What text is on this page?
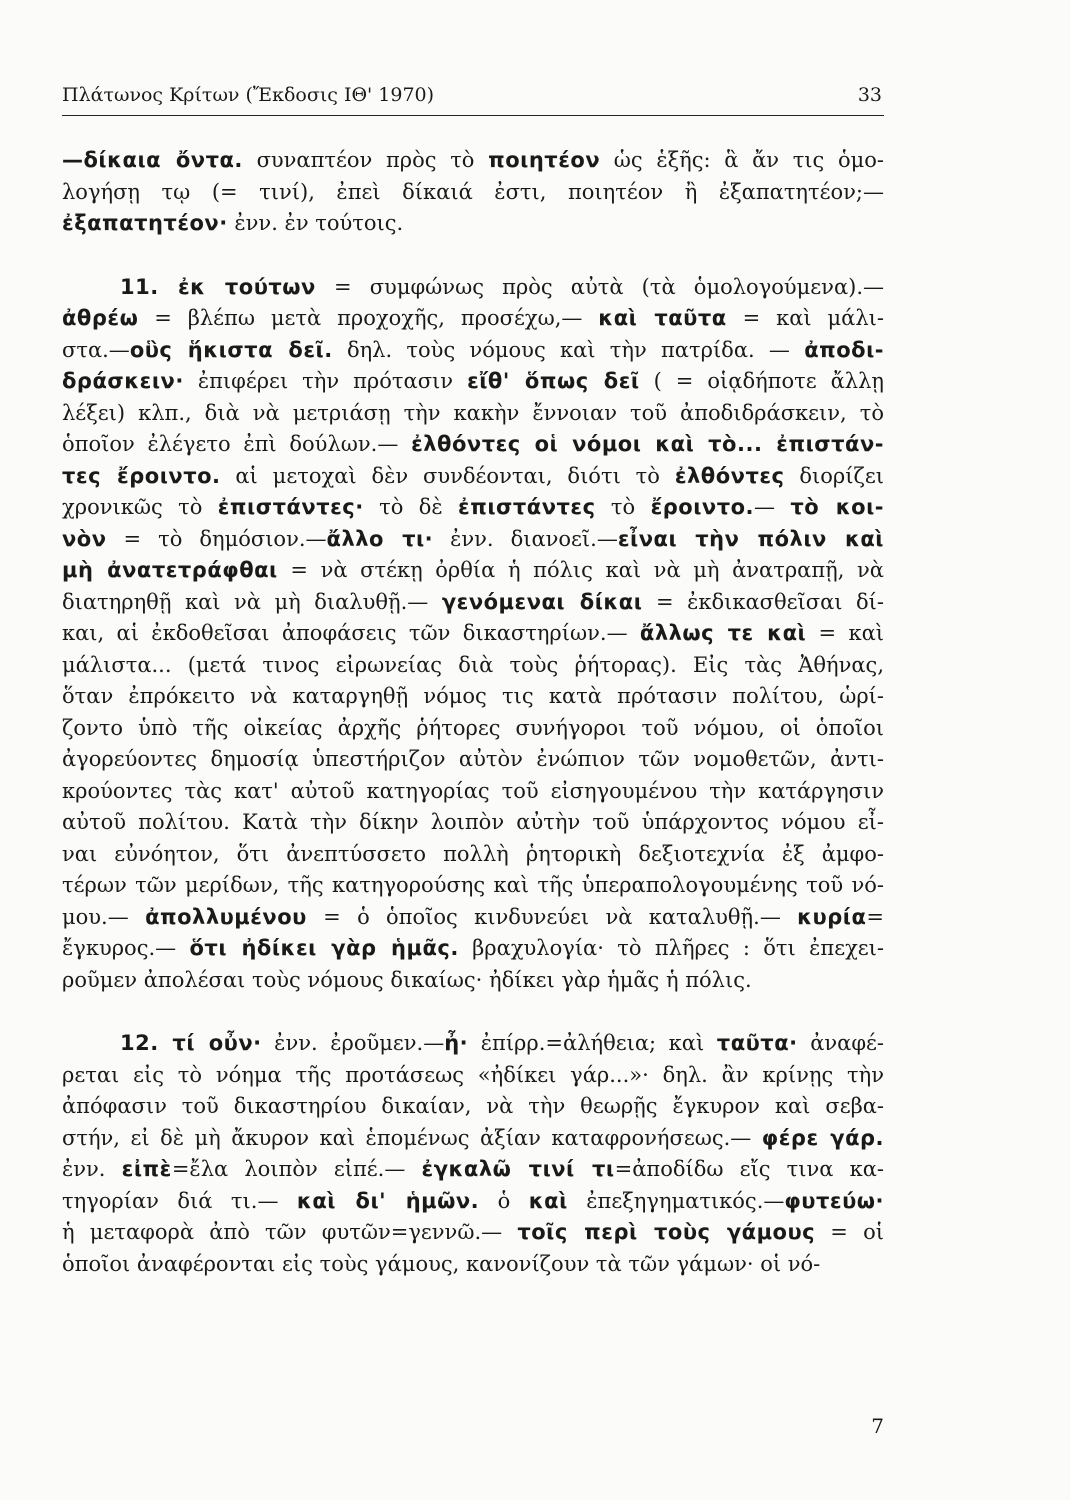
Πλάτωνος Κρίτων (Ἔκδοσις ΙΘ' 1970)	33
—δίκαια ὄντα. συναπτέον πρὸς τὸ ποιητέον ὡς ἑξῆς: ἃ ἄν τις ὁμο-
λογήσῃ τῳ (= τινί), ἐπεὶ δίκαιά ἐστι, ποιητέον ἢ ἐξαπατητέον;—
ἐξαπατητέον· ἐνν. ἐν τούτοις.
11. ἐκ τούτων = συμφώνως πρὸς αὐτὰ (τὰ ὁμολογούμενα).—
ἀθρέω = βλέπω μετὰ προχοχῆς, προσέχω,— καὶ ταῦτα = καὶ μάλι-
στα.—οὓς ἥκιστα δεῖ. δηλ. τοὺς νόμους καὶ τὴν πατρίδα. — ἀποδι-
δράσκειν· ἐπιφέρει τὴν πρότασιν εἴθ' ὅπως δεῖ ( = οἱᾳδήποτε ἄλλῃ
λέξει) κλπ., διὰ νὰ μετριάσῃ τὴν κακὴν ἔννοιαν τοῦ ἀποδιδράσκειν, τὸ
ὁποῖον ἐλέγετο ἐπὶ δούλων.— ἐλθόντες οἱ νόμοι καὶ τὸ... ἐπιστάν-
τες ἔροιντο. αἱ μετοχαὶ δὲν συνδέονται, διότι τὸ ἐλθόντες διορίζει
χρονικῶς τὸ ἐπιστάντες· τὸ δὲ ἐπιστάντες τὸ ἔροιντο.— τὸ κοι-
νὸν = τὸ δημόσιον.—ἄλλο τι· ἐνν. διανοεῖ.—εἶναι τὴν πόλιν καὶ
μὴ ἀνατετράφθαι = νὰ στέκῃ ὀρθία ἡ πόλις καὶ νὰ μὴ ἀνατραπῇ, νὰ
διατηρηθῇ καὶ νὰ μὴ διαλυθῇ.— γενόμεναι δίκαι = ἐκδικασθεῖσαι δί-
και, αἱ ἐκδοθεῖσαι ἀποφάσεις τῶν δικαστηρίων.— ἄλλως τε καὶ = καὶ
μάλιστα... (μετά τινος εἰρωνείας διὰ τοὺς ῥήτορας). Εἰς τὰς Ἀθήνας,
ὅταν ἐπρόκειτο νὰ καταργηθῇ νόμος τις κατὰ πρότασιν πολίτου, ὡρί-
ζοντο ὑπὸ τῆς οἰκείας ἀρχῆς ῥήτορες συνήγοροι τοῦ νόμου, οἱ ὁποῖοι
ἀγορεύοντες δημοσίᾳ ὑπεστήριζον αὐτὸν ἐνώπιον τῶν νομοθετῶν, ἀντι-
κρούοντες τὰς κατ' αὐτοῦ κατηγορίας τοῦ εἰσηγουμένου τὴν κατάργησιν
αὐτοῦ πολίτου. Κατὰ τὴν δίκην λοιπὸν αὐτὴν τοῦ ὑπάρχοντος νόμου εἶ-
ναι εὐνόητον, ὅτι ἀνεπτύσσετο πολλὴ ῥητορικὴ δεξιοτεχνία ἐξ ἀμφο-
τέρων τῶν μερίδων, τῆς κατηγορούσης καὶ τῆς ὑπεραπολογουμένης τοῦ νό-
μου.— ἀπολλυμένου = ὁ ὁποῖος κινδυνεύει νὰ καταλυθῇ.— κυρία=
ἔγκυρος.— ὅτι ἠδίκει γὰρ ἡμᾶς. βραχυλογία· τὸ πλῆρες : ὅτι ἐπεχει-
ροῦμεν ἀπολέσαι τοὺς νόμους δικαίως· ἠδίκει γὰρ ἡμᾶς ἡ πόλις.
12. τί οὖν· ἐνν. ἐροῦμεν.—ἦ· ἐπίρρ.=ἀλήθεια; καὶ ταῦτα· ἀναφέ-
ρεται εἰς τὸ νόημα τῆς προτάσεως «ἠδίκει γάρ...»· δηλ. ἂν κρίνῃς τὴν
ἀπόφασιν τοῦ δικαστηρίου δικαίαν, νὰ τὴν θεωρῇς ἔγκυρον καὶ σεβα-
στήν, εἰ δὲ μὴ ἄκυρον καὶ ἑπομένως ἀξίαν καταφρονήσεως.— φέρε γάρ.
ἐνν. εἰπὲ=ἔλα λοιπὸν εἰπέ.— ἐγκαλῶ τινί τι=ἀποδίδω εἴς τινα κα-
τηγορίαν διά τι.— καὶ δι' ἡμῶν. ὁ καὶ ἐπεξηγηματικός.—φυτεύω·
ἡ μεταφορὰ ἀπὸ τῶν φυτῶν=γεννῶ.— τοῖς περὶ τοὺς γάμους = οἱ
ὁποῖοι ἀναφέρονται εἰς τοὺς γάμους, κανονίζουν τὰ τῶν γάμων· οἱ νό-
7
